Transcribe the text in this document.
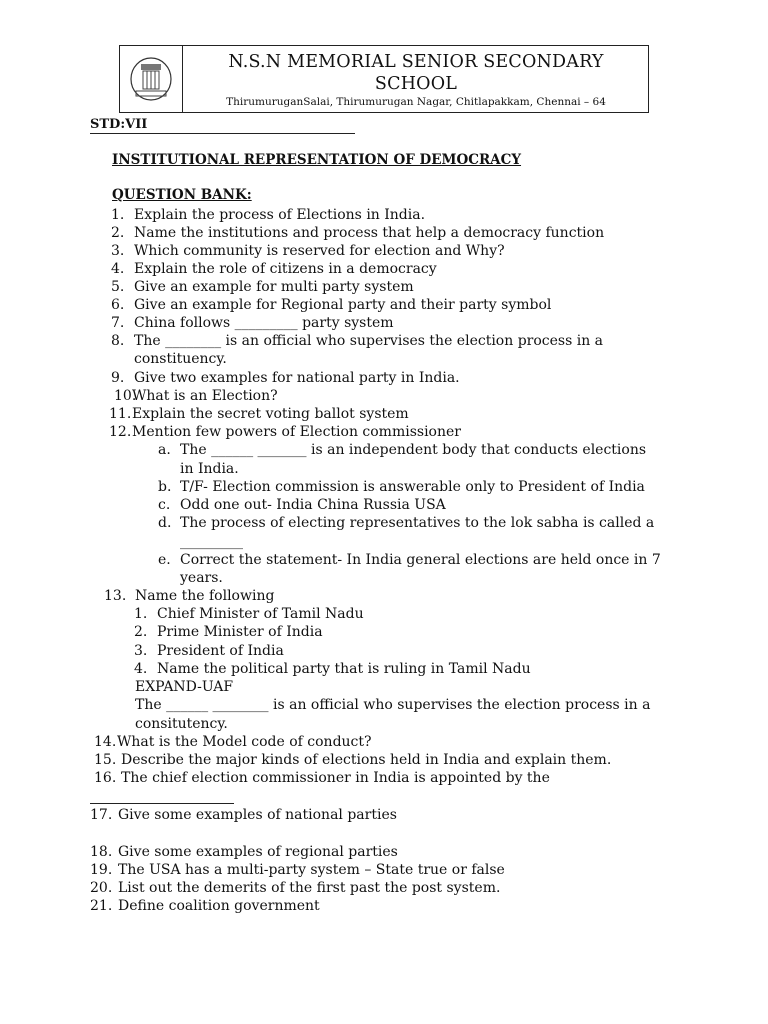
N.S.N MEMORIAL SENIOR SECONDARY
SCHOOL
ThirumuruganSalai, Thirumurugan Nagar, Chitlapakkam, Chennai – 64
STD:VII
INSTITUTIONAL REPRESENTATION OF DEMOCRACY
QUESTION BANK:
1. Explain the process of Elections in India.
2. Name the institutions and process that help a democracy function
3. Which community is reserved for election and Why?
4. Explain the role of citizens in a democracy
5. Give an example for multi party system
6. Give an example for Regional party and their party symbol
7. China follows _________ party system
8. The ________ is an official who supervises the election process in a
constituency.
9. Give two examples for national party in India.
10.
What is an Election?
11. Explain the secret voting ballot system
12. Mention few powers of Election commissioner
a. The ______ _______ is an independent body that conducts elections
in India.
b. T/F- Election commission is answerable only to President of India
c. Odd one out- India China Russia USA
d. The process of electing representatives to the lok sabha is called a
_________
e. Correct the statement- In India general elections are held once in 7
years.
13. Name the following
1. Chief Minister of Tamil Nadu
2. Prime Minister of India
3. President of India
4. Name the political party that is ruling in Tamil Nadu
EXPAND-UAF
The ______ ________ is an official who supervises the election process in a
consitutency.
14. What is the Model code of conduct?
15. Describe the major kinds of elections held in India and explain them.
16. The chief election commissioner in India is appointed by the
17. Give some examples of national parties
18. Give some examples of regional parties
19. The USA has a multi-party system – State true or false
20. List out the demerits of the first past the post system.
21. Define coalition government
